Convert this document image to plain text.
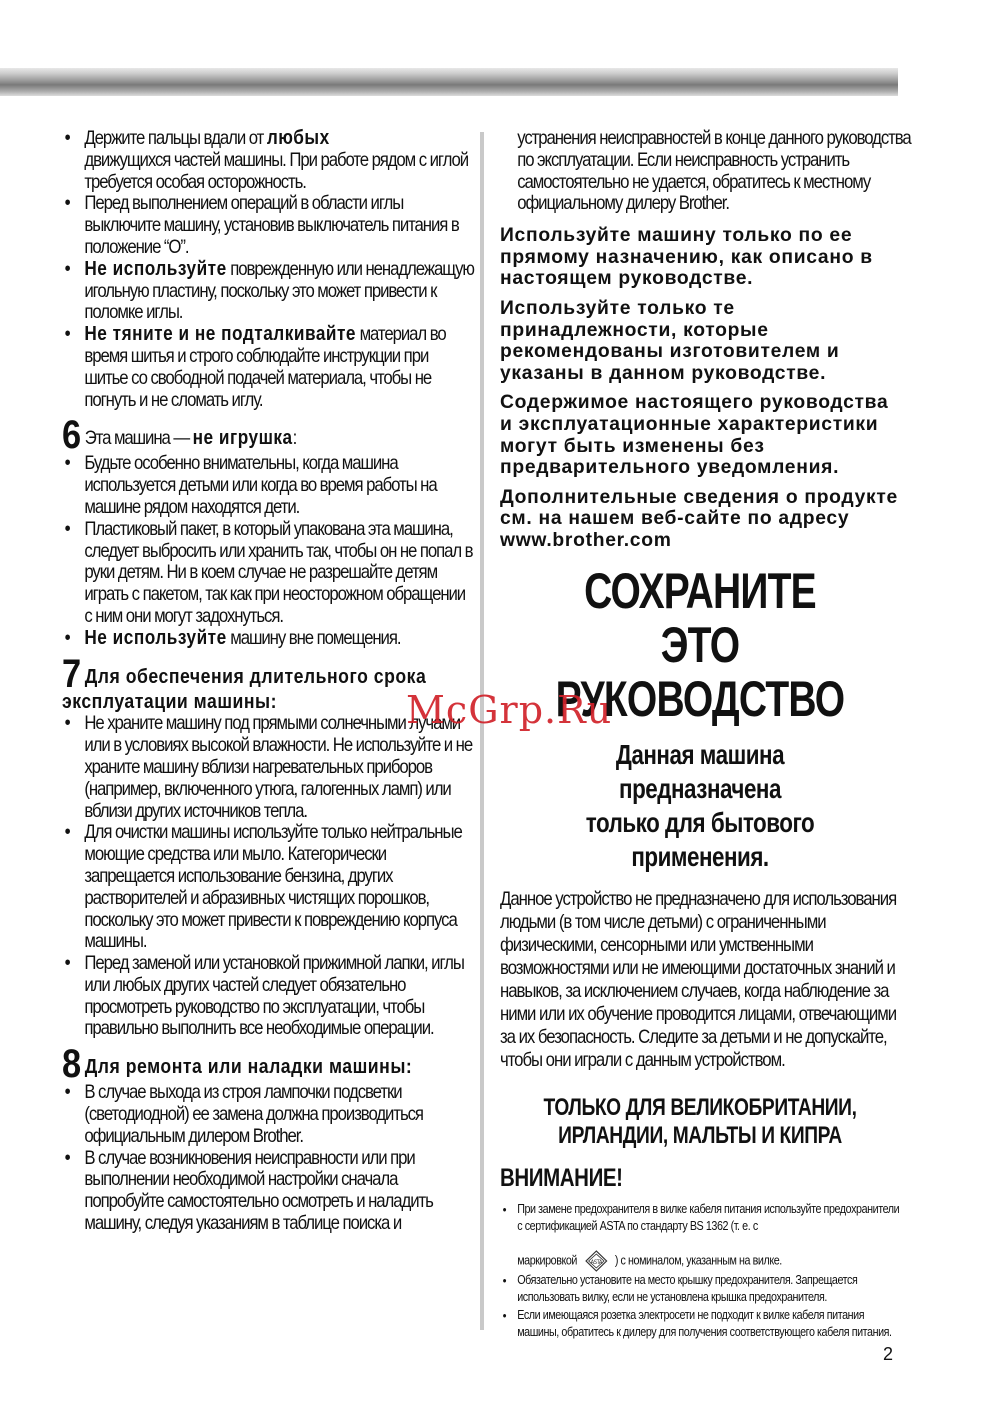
• Держите пальцы вдали от любых
движущихся частей машины. При работе рядом с иглой требуется особая осторожность.
• Перед выполнением операций в области иглы выключите машину, установив выключатель питания в положение “O”.
• Не используйте поврежденную или ненадлежащую игольную пластину, поскольку это может привести к поломке иглы.
• Не тяните и не подталкивайте материал во время шитья и строго соблюдайте инструкции при шитье со свободной подачей материала, чтобы не погнуть и не сломать иглу.
6 Эта машина — не игрушка:
• Будьте особенно внимательны, когда машина используется детьми или когда во время работы на машине рядом находятся дети.
• Пластиковый пакет, в который упакована эта машина, следует выбросить или хранить так, чтобы он не попал в руки детям. Ни в коем случае не разрешайте детям играть с пакетом, так как при неосторожном обращении с ним они могут задохнуться.
• Не используйте машину вне помещения.
7 Для обеспечения длительного срока эксплуатации машины:
• Не храните машину под прямыми солнечными лучами или в условиях высокой влажности. Не используйте и не храните машину вблизи нагревательных приборов (например, включенного утюга, галогенных ламп) или вблизи других источников тепла.
• Для очистки машины используйте только нейтральные моющие средства или мыло. Категорически запрещается использование бензина, других растворителей и абразивных чистящих порошков, поскольку это может привести к повреждению корпуса машины.
• Перед заменой или установкой прижимной лапки, иглы или любых других частей следует обязательно просмотреть руководство по эксплуатации, чтобы правильно выполнить все необходимые операции.
8 Для ремонта или наладки машины:
• В случае выхода из строя лампочки подсветки (светодиодной) ее замена должна производиться официальным дилером Brother.
• В случае возникновения неисправности или при выполнении необходимой настройки сначала попробуйте самостоятельно осмотреть и наладить машину, следуя указаниям в таблице поиска и
устранения неисправностей в конце данного руководства по эксплуатации. Если неисправность устранить самостоятельно не удается, обратитесь к местному официальному дилеру Brother.

Используйте машину только по ее прямому назначению, как описано в настоящем руководстве.

Используйте только те принадлежности, которые рекомендованы изготовителем и указаны в данном руководстве.

Содержимое настоящего руководства и эксплуатационные характеристики могут быть изменены без предварительного уведомления.

Дополнительные сведения о продукте см. на нашем веб-сайте по адресу www.brother.com

СОХРАНИТЕ ЭТО
РУКОВОДСТВО
Данная машина предназначена
только для бытового
применения.
Данное устройство не предназначено для использования людьми (в том числе детьми) с ограниченными физическими, сенсорными или умственными возможностями или не имеющими достаточных знаний и навыков, за исключением случаев, когда наблюдение за ними или их обучение проводится лицами, отвечающими за их безопасность. Следите за детьми и не допускайте, чтобы они играли с данным устройством.
ТОЛЬКО ДЛЯ ВЕЛИКОБРИТАНИИ,
ИРЛАНДИИ, МАЛЬТЫ И КИПРА
ВНИМАНИЕ!
• При замене предохранителя в вилке кабеля питания используйте предохранители с сертификацией ASTA по стандарту BS 1362 (т. е. с
маркировкой ASTA ) с номиналом, указанным на вилке.
• Обязательно установите на место крышку предохранителя. Запрещается использовать вилку, если не установлена крышка предохранителя.
• Если имеющаяся розетка электросети не подходит к вилке кабеля питания машины, обратитесь к дилеру для получения соответствующего кабеля питания.
McGrp.Ru
2
